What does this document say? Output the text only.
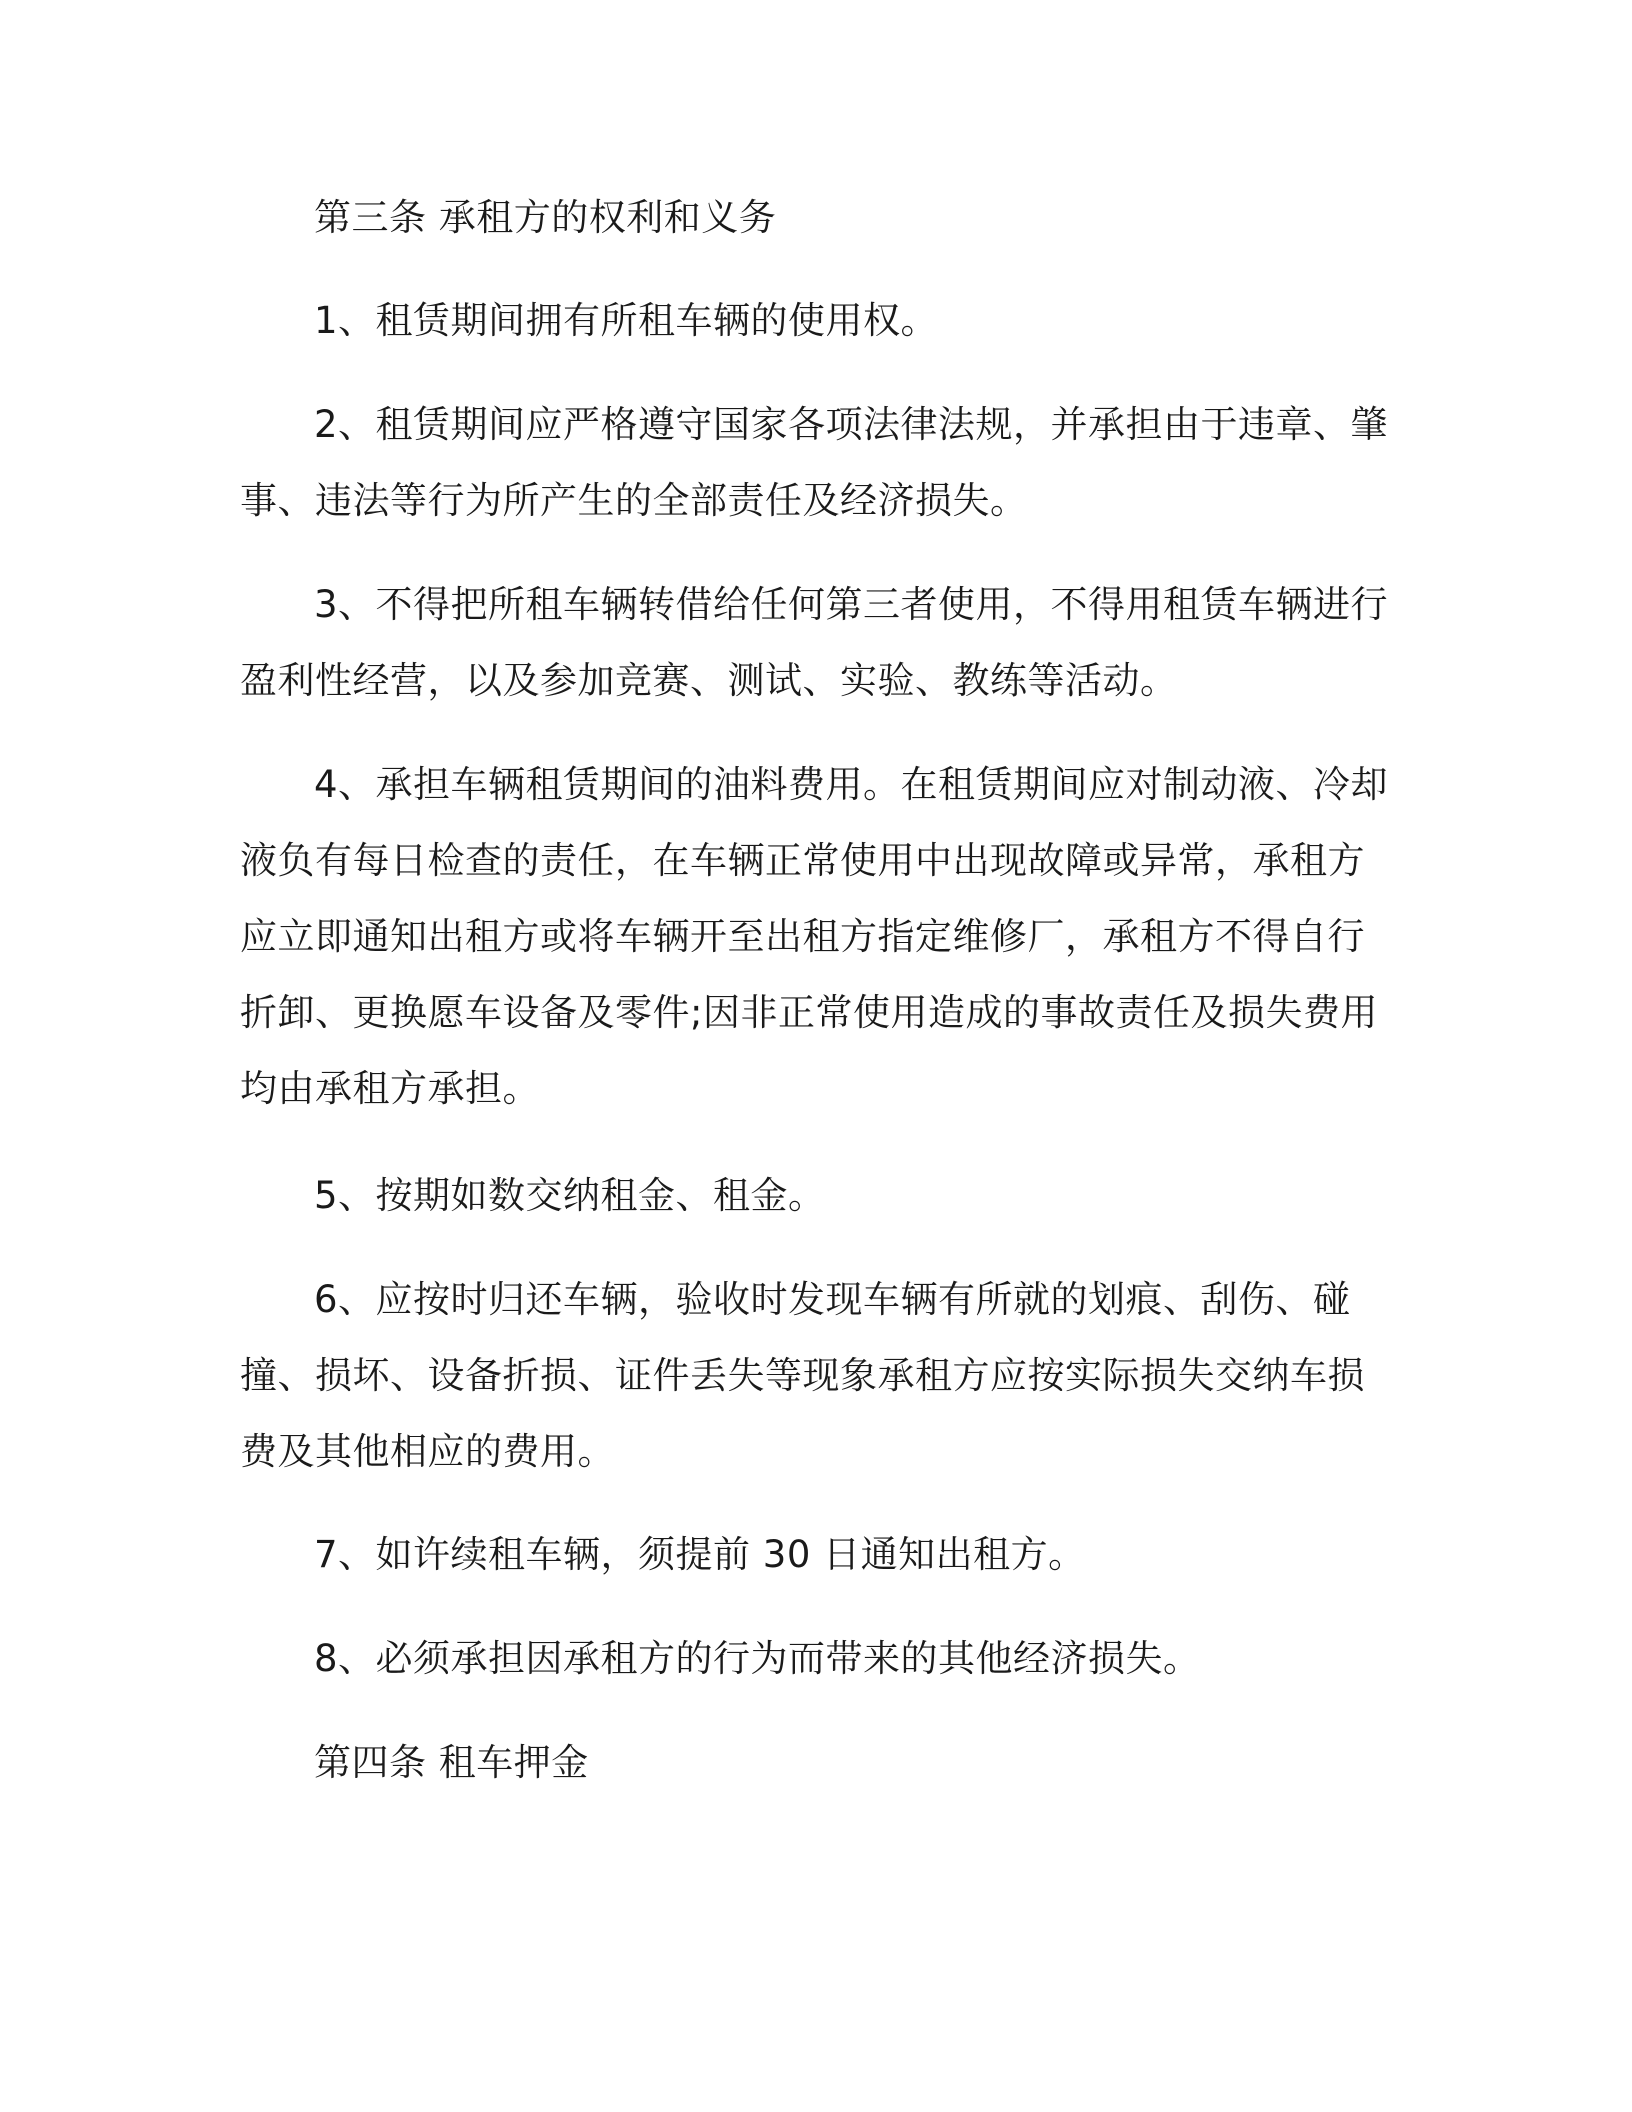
第三条 承租方的权利和义务

1、租赁期间拥有所租车辆的使用权。

2、租赁期间应严格遵守国家各项法律法规，并承担由于违章、肇事、违法等行为所产生的全部责任及经济损失。

3、不得把所租车辆转借给任何第三者使用，不得用租赁车辆进行盈利性经营，以及参加竞赛、测试、实验、教练等活动。

4、承担车辆租赁期间的油料费用。在租赁期间应对制动液、冷却液负有每日检查的责任，在车辆正常使用中出现故障或异常，承租方应立即通知出租方或将车辆开至出租方指定维修厂，承租方不得自行折卸、更换愿车设备及零件;因非正常使用造成的事故责任及损失费用均由承租方承担。

5、按期如数交纳租金、租金。

6、应按时归还车辆，验收时发现车辆有所就的划痕、刮伤、碰撞、损坏、设备折损、证件丢失等现象承租方应按实际损失交纳车损费及其他相应的费用。

7、如许续租车辆，须提前 30 日通知出租方。

8、必须承担因承租方的行为而带来的其他经济损失。

第四条 租车押金
